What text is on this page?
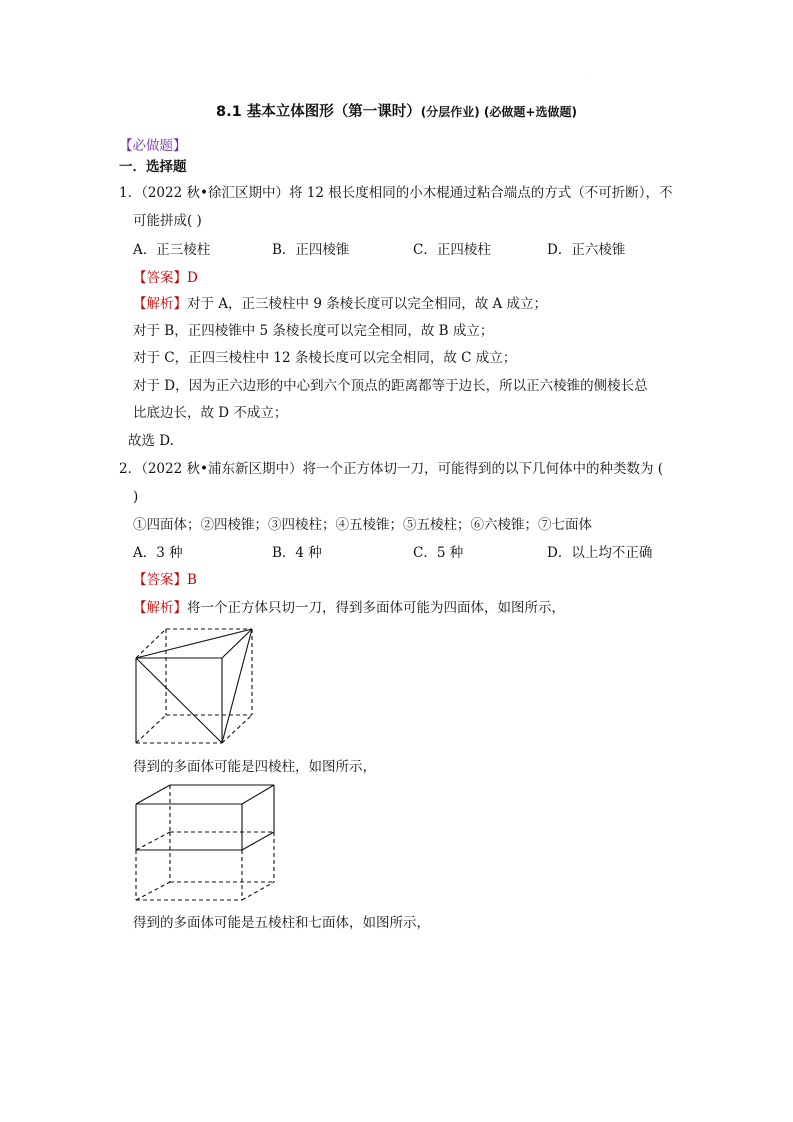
·
8.1 基本立体图形（第一课时）(分层作业) (必做题+选做题)
【必做题】
一．选择题
1．（2022 秋•徐汇区期中）将 12 根长度相同的小木棍通过粘合端点的方式（不可折断），不
可能拼成( )
A．正三棱柱	B．正四棱锥	C．正四棱柱	D．正六棱锥
【答案】D
【解析】对于 A，正三棱柱中 9 条棱长度可以完全相同，故 A 成立；
对于 B，正四棱锥中 5 条棱长度可以完全相同，故 B 成立；
对于 C，正四三棱柱中 12 条棱长度可以完全相同，故 C 成立；
对于 D，因为正六边形的中心到六个顶点的距离都等于边长，所以正六棱锥的侧棱长总
比底边长，故 D 不成立；
故选 D.
2．（2022 秋•浦东新区期中）将一个正方体切一刀，可能得到的以下几何体中的种类数为 (
)
①四面体；②四棱锥；③四棱柱；④五棱锥；⑤五棱柱；⑥六棱锥；⑦七面体
A．3 种	B．4 种	C．5 种	D．以上均不正确
【答案】B
【解析】将一个正方体只切一刀，得到多面体可能为四面体，如图所示，
得到的多面体可能是四棱柱，如图所示，
得到的多面体可能是五棱柱和七面体，如图所示，
